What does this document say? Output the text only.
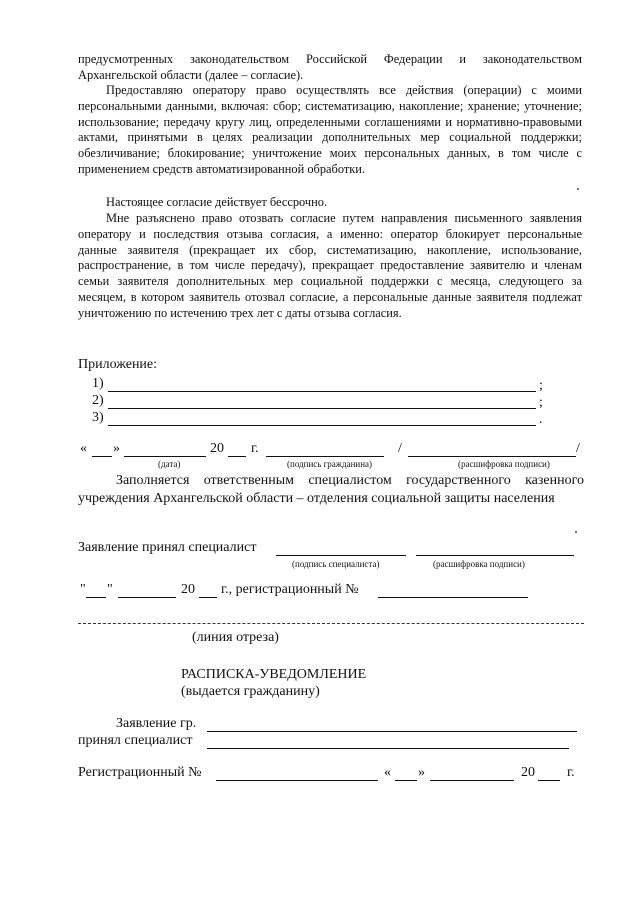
предусмотренных законодательством Российской Федерации и законодательством Архангельской области (далее – согласие).
Предоставляю оператору право осуществлять все действия (операции) с моими персональными данными, включая: сбор; систематизацию, накопление; хранение; уточнение; использование; передачу кругу лиц, определенными соглашениями и нормативно-правовыми актами, принятыми в целях реализации дополнительных мер социальной поддержки; обезличивание; блокирование; уничтожение моих персональных данных, в том числе с применением средств автоматизированной обработки.
Настоящее согласие действует бессрочно.
Мне разъяснено право отозвать согласие путем направления письменного заявления оператору и последствия отзыва согласия, а именно: оператор блокирует персональные данные заявителя (прекращает их сбор, систематизацию, накопление, использование, распространение, в том числе передачу), прекращает предоставление заявителю и членам семьи заявителя дополнительных мер социальной поддержки с месяца, следующего за месяцем, в котором заявитель отозвал согласие, а персональные данные заявителя подлежат уничтожению по истечению трех лет с даты отзыва согласия.
Приложение:
1)	;
2)	;
3)	.
« »	20 г.	/	/
(дата)	(подпись гражданина)	(расшифровка подписи)
Заполняется ответственным специалистом государственного казенного учреждения Архангельской области – отделения социальной защиты населения
Заявление принял специалист
(подпись специалиста)	(расшифровка подписи)
" "	20 г., регистрационный №
(линия отреза)
РАСПИСКА-УВЕДОМЛЕНИЕ
(выдается гражданину)
Заявление гр.
принял специалист
Регистрационный №	« »	20 г.
